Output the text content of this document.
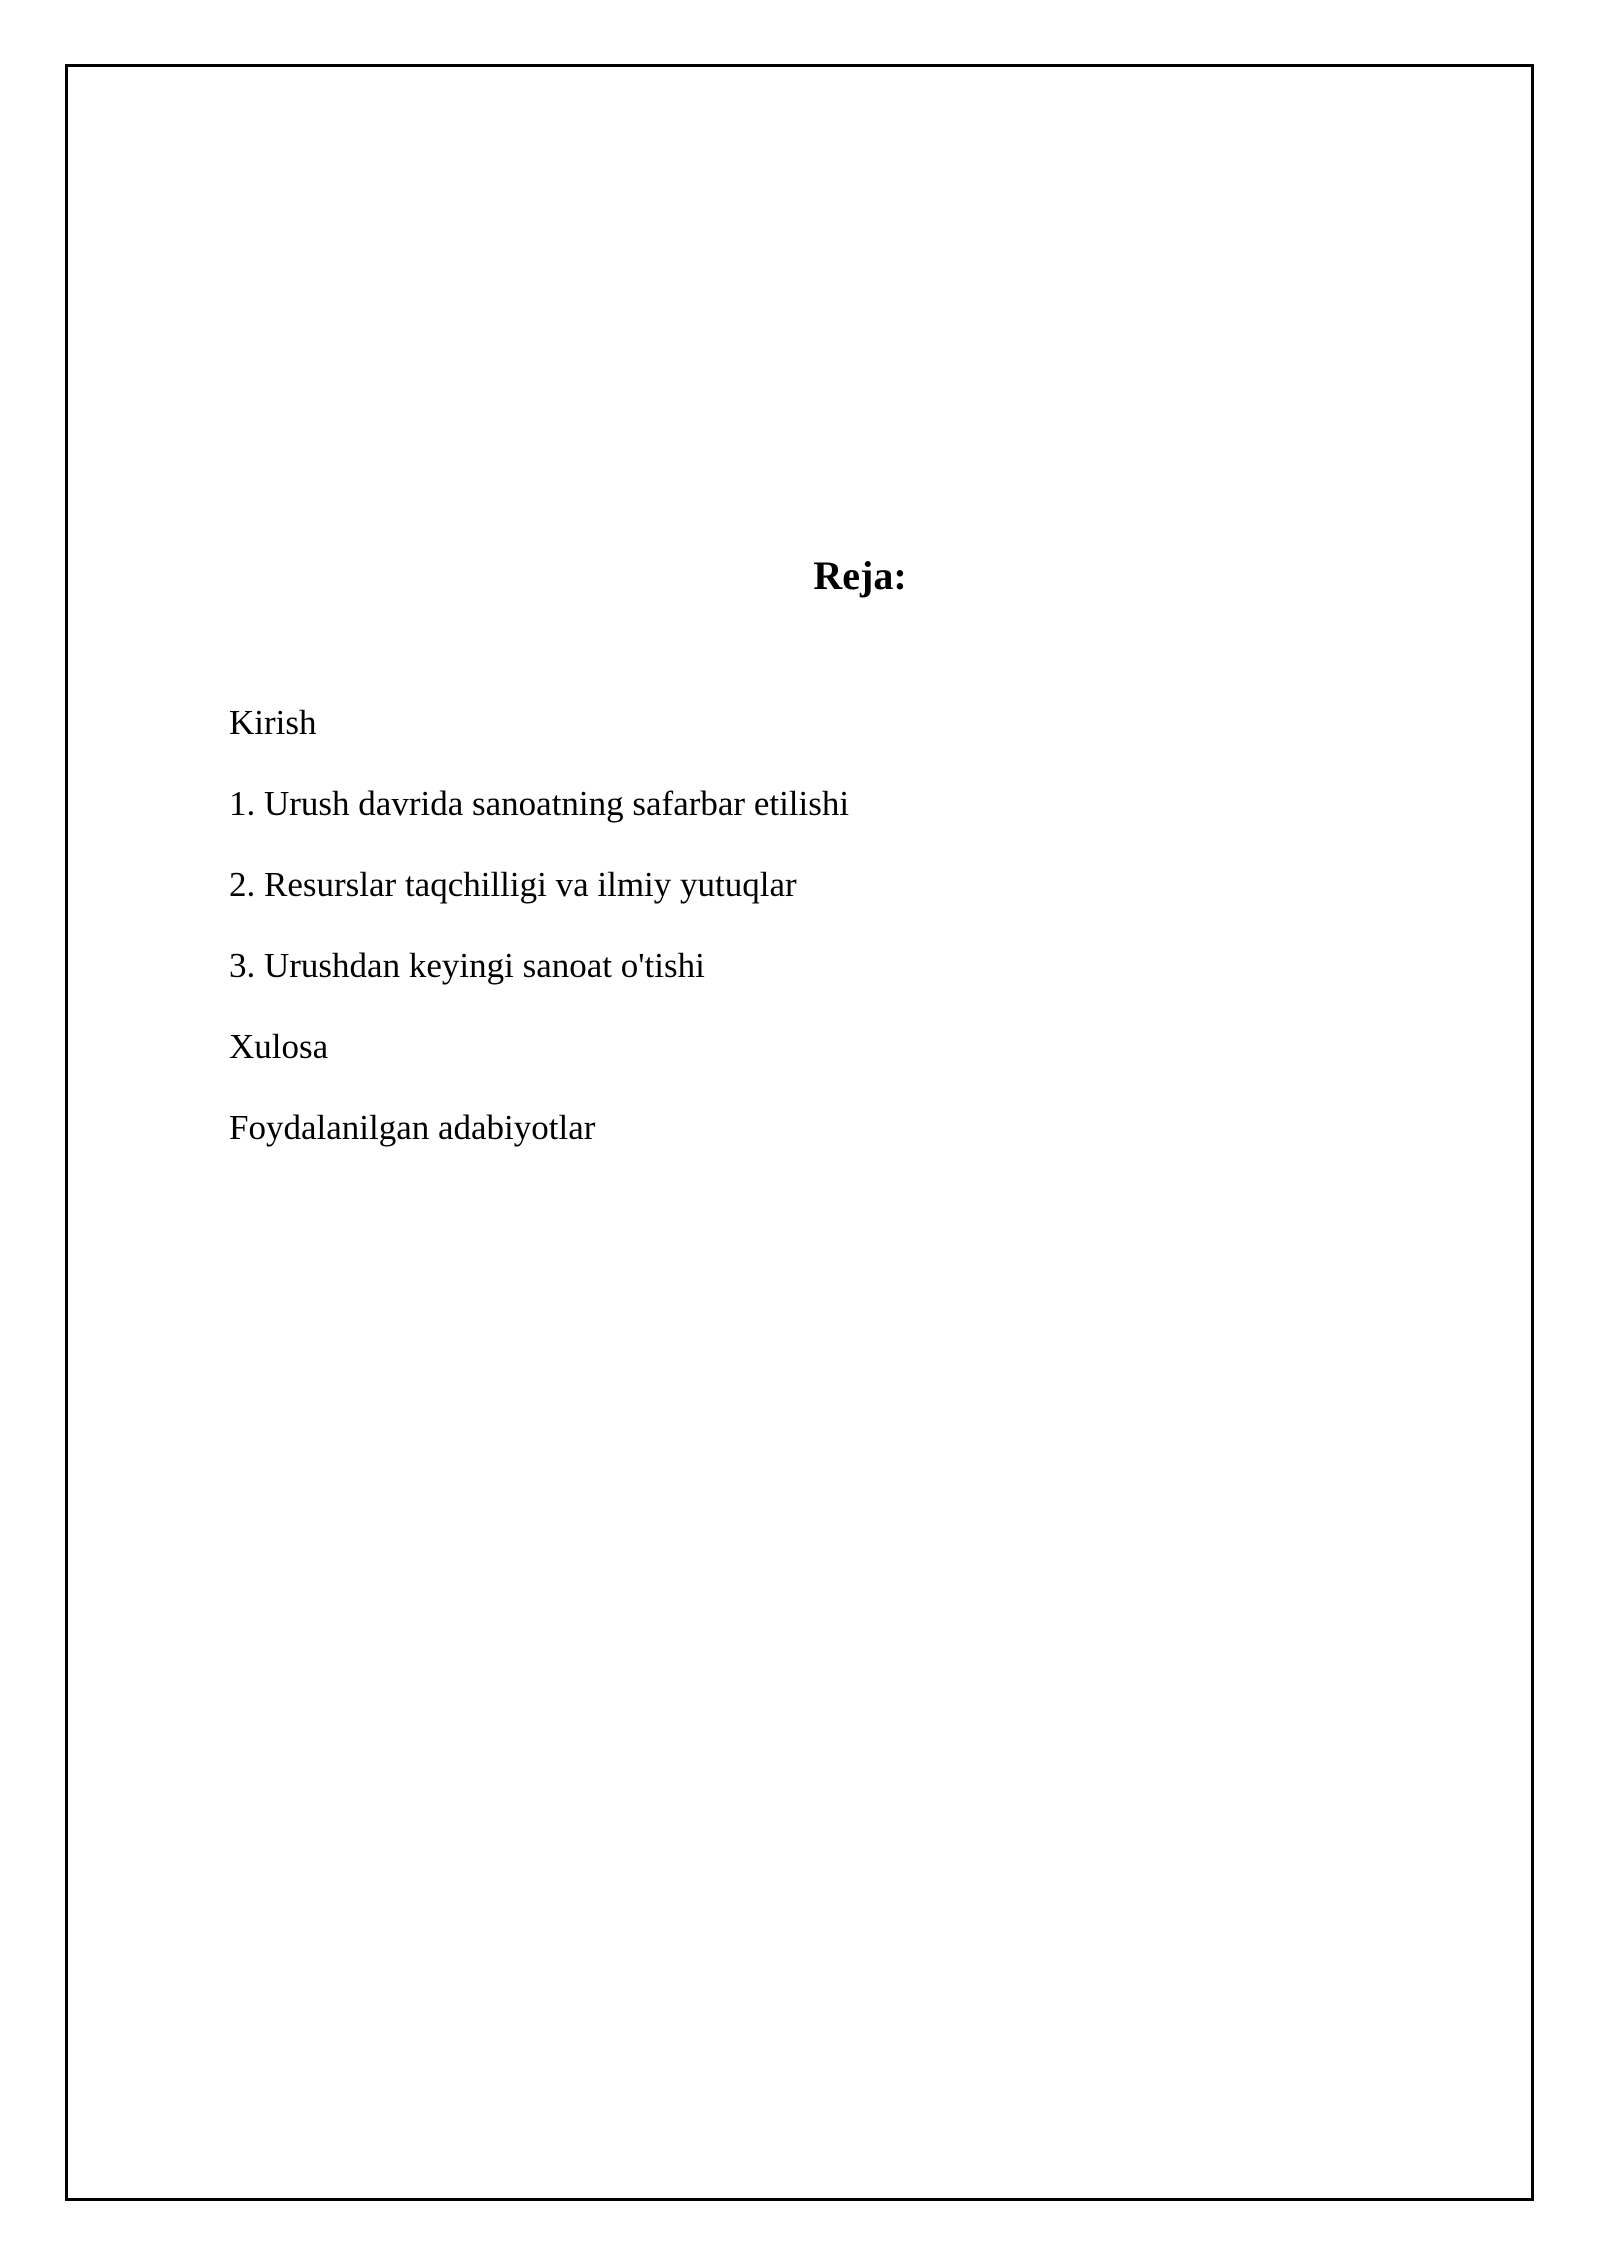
Reja:
Kirish
1. Urush davrida sanoatning safarbar etilishi
2. Resurslar taqchilligi va ilmiy yutuqlar
3. Urushdan keyingi sanoat o'tishi
Xulosa
Foydalanilgan adabiyotlar
